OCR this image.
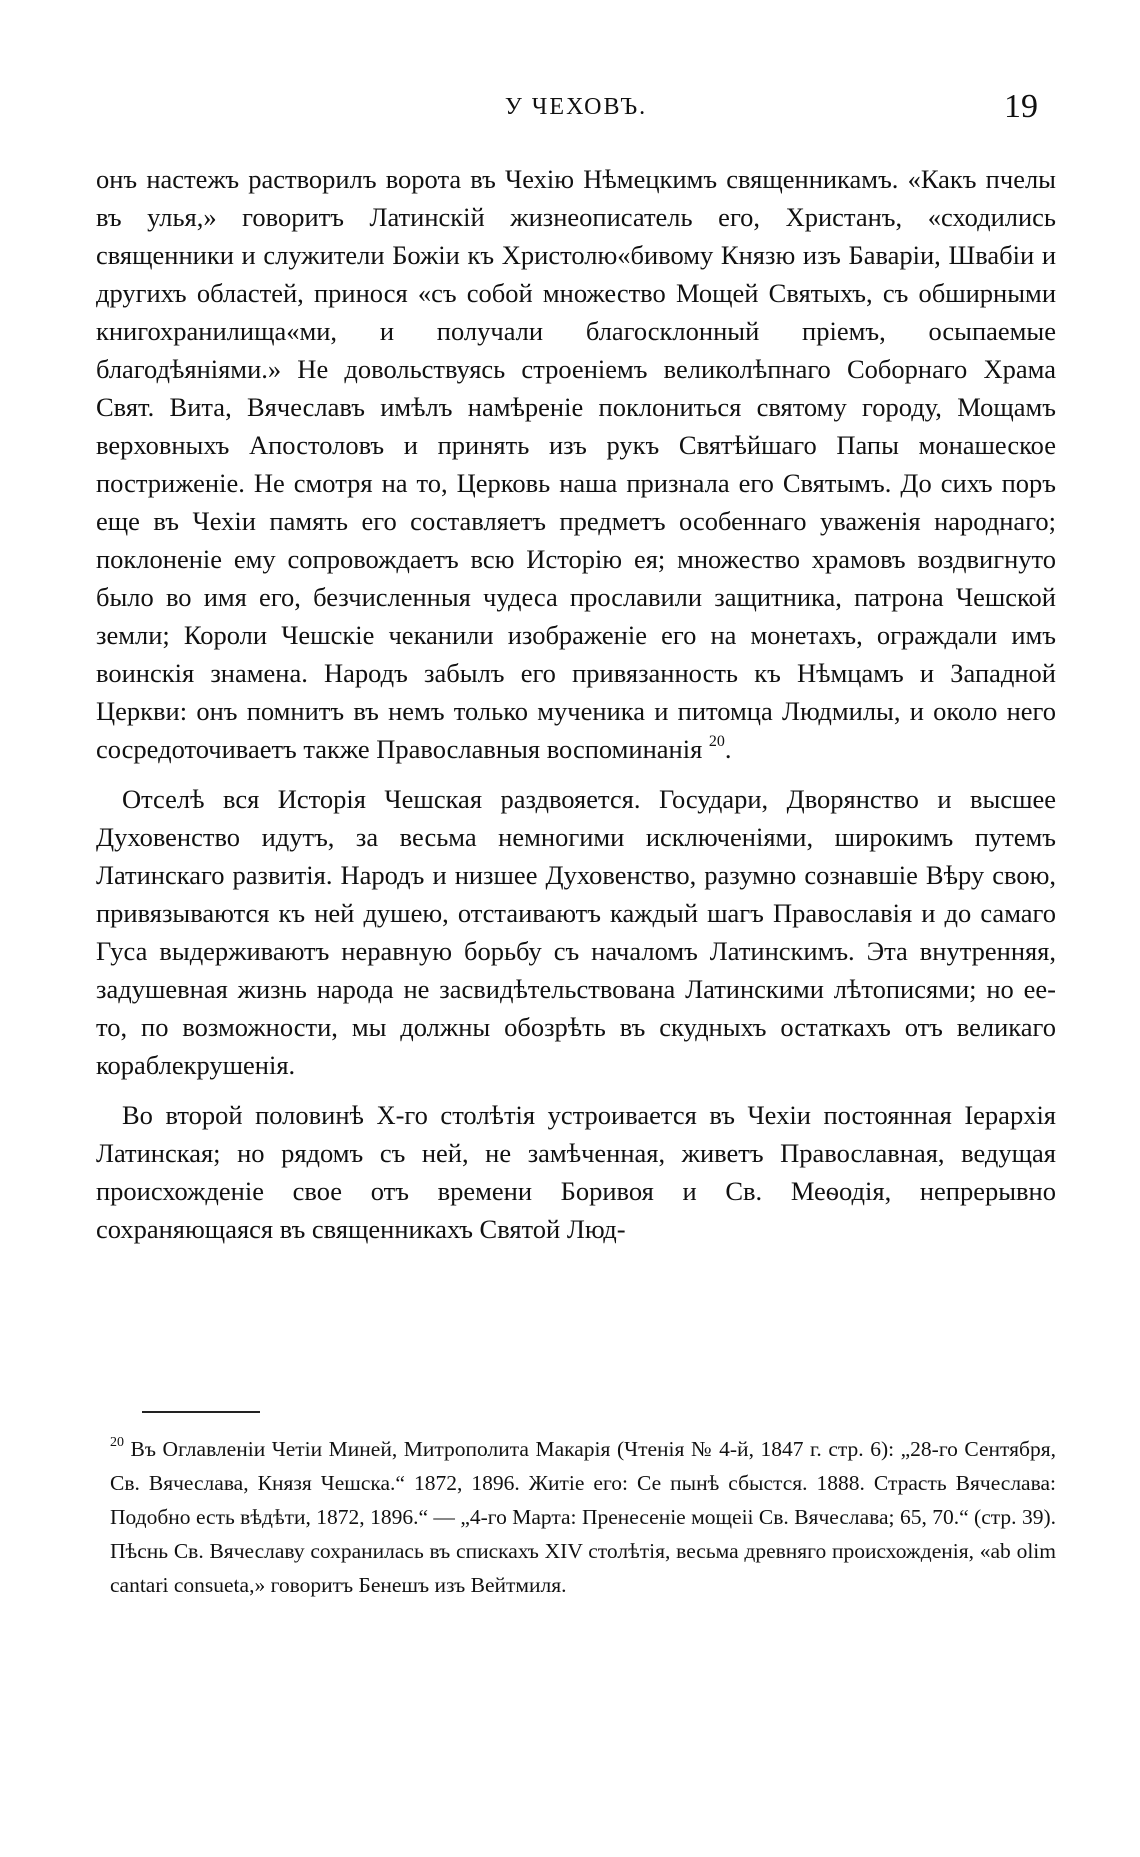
У ЧЕХОВЪ.	19

онъ настежъ растворилъ ворота въ Чехію Нѣмецкимъ священникамъ. «Какъ пчелы въ улья,» говоритъ Латинскій жизнеописатель его, Христанъ, «сходились священники и служители Божіи къ Христолю«бивому Князю изъ Баваріи, Швабіи и другихъ областей, принося «съ собой множество Мощей Святыхъ, съ обширными книгохранилища«ми, и получали благосклонный пріемъ, осыпаемые благодѣяніями.» Не довольствуясь строеніемъ великолѣпнаго Соборнаго Храма Свят. Вита, Вячеславъ имѣлъ намѣреніе поклониться святому городу, Мощамъ верховныхъ Апостоловъ и принять изъ рукъ Святѣйшаго Папы монашеское постриженіе. Не смотря на то, Церковь наша признала его Святымъ. До сихъ поръ еще въ Чехіи память его составляетъ предметъ особеннаго уваженія народнаго; поклоненіе ему сопровождаетъ всю Исторію ея; множество храмовъ воздвигнуто было во имя его, безчисленныя чудеса прославили защитника, патрона Чешской земли; Короли Чешскіе чеканили изображеніе его на монетахъ, ограждали имъ воинскія знамена. Народъ забылъ его привязанность къ Нѣмцамъ и Западной Церкви: онъ помнитъ въ немъ только мученика и питомца Людмилы, и около него сосредоточиваетъ также Православныя воспоминанія $^{20}$.

Отселѣ вся Исторія Чешская раздвояется. Государи, Дворянство и высшее Духовенство идутъ, за весьма немногими исключеніями, широкимъ путемъ Латинскаго развитія. Народъ и низшее Духовенство, разумно сознавшіе Вѣру свою, привязываются къ ней душею, отстаиваютъ каждый шагъ Православія и до самаго Гуса выдерживаютъ неравную борьбу съ началомъ Латинскимъ. Эта внутренняя, задушевная жизнь народа не засвидѣтельствована Латинскими лѣтописями; но ее-то, по возможности, мы должны обозрѣть въ скудныхъ остаткахъ отъ великаго кораблекрушенія.

Во второй половинѣ X-го столѣтія устроивается въ Чехіи постоянная Іерархія Латинская; но рядомъ съ ней, не замѣченная, живетъ Православная, ведущая происхожденіе свое отъ времени Боривоя и Св. Меѳодія, непрерывно сохраняющаяся въ священникахъ Святой Люд-

$^{20}$ Въ Оглавленіи Четіи Миней, Митрополита Макарія (Чтенія № 4-й, 1847 г. стр. 6): „28-го Сентября, Св. Вячеслава, Князя Чешска.“ 1872, 1896. Житіе его: Се пынѣ сбыстся. 1888. Страсть Вячеслава: Подобно есть вѣдѣти, 1872, 1896.“ — „4-го Марта: Пренесеніе мощеіі Св. Вячеслава; 65, 70.“ (стр. 39). Пѣснь Св. Вячеславу сохранилась въ спискахъ XIV столѣтія, весьма древняго происхожденія, «ab olim cantari consueta,» говоритъ Бенешъ изъ Вейтмиля.
